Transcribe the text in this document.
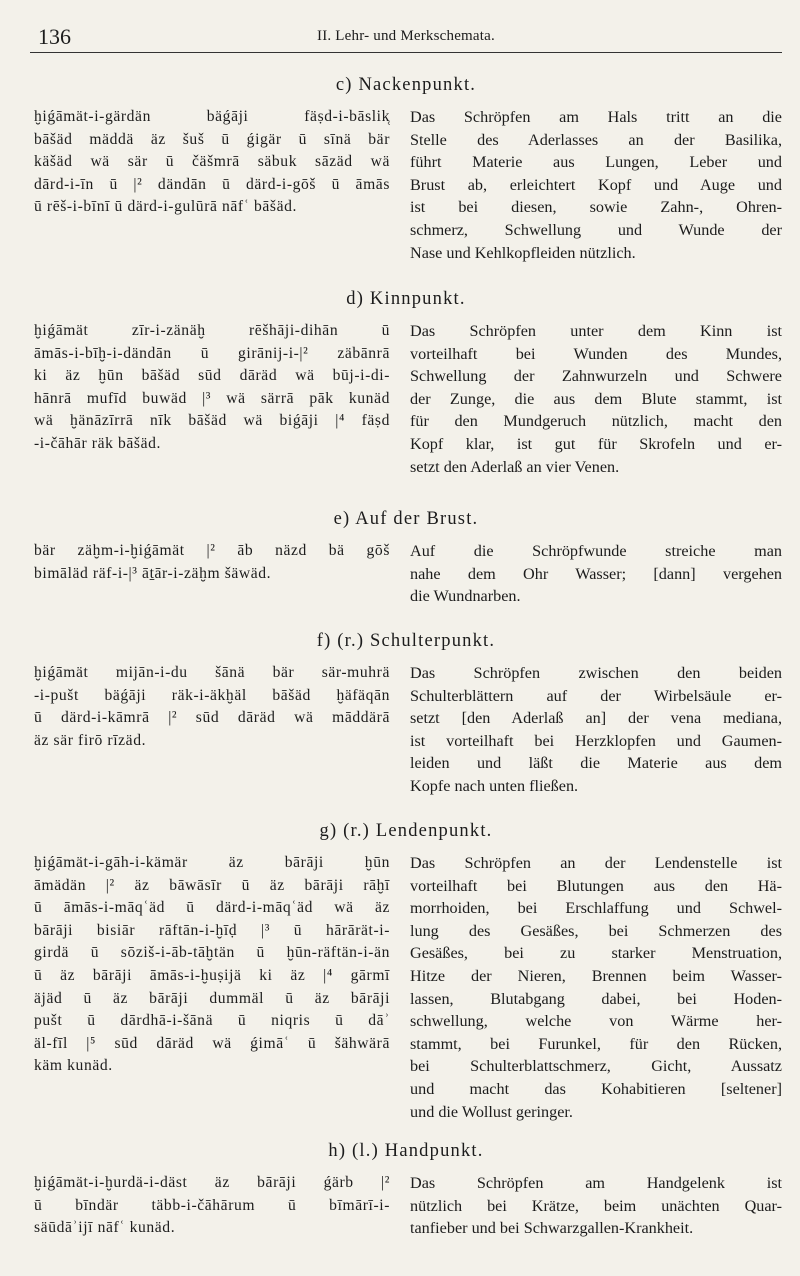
136	II. Lehr- und Merkschemata.
c) Nackenpunkt.
ḫiǵāmät-i-gärdän bäǵāji fäṣd-i-bāslik̥
bāšäd mäddä äz šuš ū ǵigär ū sīnä bär
käšäd wä sär ū čäšmrā säbuk sāzäd wä
dārd-i-īn ū |² dändān ū därd-i-gōš ū āmās
ū rēš-i-bīnī ū därd-i-gulūrā nāfʿ bāšäd.
Das Schröpfen am Hals tritt an die
Stelle des Aderlasses an der Basilika,
führt Materie aus Lungen, Leber und
Brust ab, erleichtert Kopf und Auge und
ist bei diesen, sowie Zahn-, Ohren-
schmerz, Schwellung und Wunde der
Nase und Kehlkopfleiden nützlich.
d) Kinnpunkt.
ḫiǵāmät zīr-i-zänäḫ rēšhāji-dihān ū
āmās-i-bīḫ-i-dändān ū girānij-i-|² zäbānrā
ki äz ḫūn bāšäd sūd dāräd wä būj-i-di-
hānrā mufīd buwäd |³ wä särrā pāk kunäd
wä ḫänāzīrrā nīk bāšäd wä biǵāji |⁴ fäṣd
-i-čāhār räk bāšäd.
Das Schröpfen unter dem Kinn ist
vorteilhaft bei Wunden des Mundes,
Schwellung der Zahnwurzeln und Schwere
der Zunge, die aus dem Blute stammt, ist
für den Mundgeruch nützlich, macht den
Kopf klar, ist gut für Skrofeln und er-
setzt den Aderlaß an vier Venen.
e) Auf der Brust.
bär zäḫm-i-ḫiǵāmät |² āb näzd bä gōš
bimāläd räf-i-|³ āṯār-i-zäḫm šäwäd.
Auf die Schröpfwunde streiche man
nahe dem Ohr Wasser; [dann] vergehen
die Wundnarben.
f) (r.) Schulterpunkt.
ḫiǵāmät mijān-i-du šānä bär sär-muhrä
-i-pušt bäǵāji räk-i-äkḫäl bāšäd ḫäfäqān
ū därd-i-kāmrā |² sūd dāräd wä māddärā
äz sär firō rīzäd.
Das Schröpfen zwischen den beiden
Schulterblättern auf der Wirbelsäule er-
setzt [den Aderlaß an] der vena mediana,
ist vorteilhaft bei Herzklopfen und Gaumen-
leiden und läßt die Materie aus dem
Kopfe nach unten fließen.
g) (r.) Lendenpunkt.
ḫiǵāmät-i-gāh-i-kämär äz bārāji ḫūn
āmädän |² äz bāwāsīr ū äz bārāji rāḫī
ū āmās-i-māqʿäd ū därd-i-māqʿäd wä äz
bārāji bisiār rāftān-i-ḫīḍ |³ ū hārārät-i-
girdä ū sōziš-i-āb-tāḫtän ū ḫūn-räftän-i-än
ū äz bārāji āmās-i-ḫuṣijä ki äz |⁴ gārmī
äjäd ū äz bārāji dummäl ū äz bārāji
pušt ū dārdhā-i-šānä ū niqris ū dāʾ
äl-fīl |⁵ sūd dāräd wä ǵimāʿ ū šähwärā
käm kunäd.
Das Schröpfen an der Lendenstelle ist
vorteilhaft bei Blutungen aus den Hä-
morrhoiden, bei Erschlaffung und Schwel-
lung des Gesäßes, bei Schmerzen des
Gesäßes, bei zu starker Menstruation,
Hitze der Nieren, Brennen beim Wasser-
lassen, Blutabgang dabei, bei Hoden-
schwellung, welche von Wärme her-
stammt, bei Furunkel, für den Rücken,
bei Schulterblattschmerz, Gicht, Aussatz
und macht das Kohabitieren [seltener]
und die Wollust geringer.
h) (l.) Handpunkt.
ḫiǵāmät-i-ḫurdä-i-däst äz bārāji ǵärb |²
ū bīndär täbb-i-čāhārum ū bīmārī-i-
säūdāʾijī nāfʿ kunäd.
Das Schröpfen am Handgelenk ist
nützlich bei Krätze, beim unächten Quar-
tanfieber und bei Schwarzgallen-Krankheit.
